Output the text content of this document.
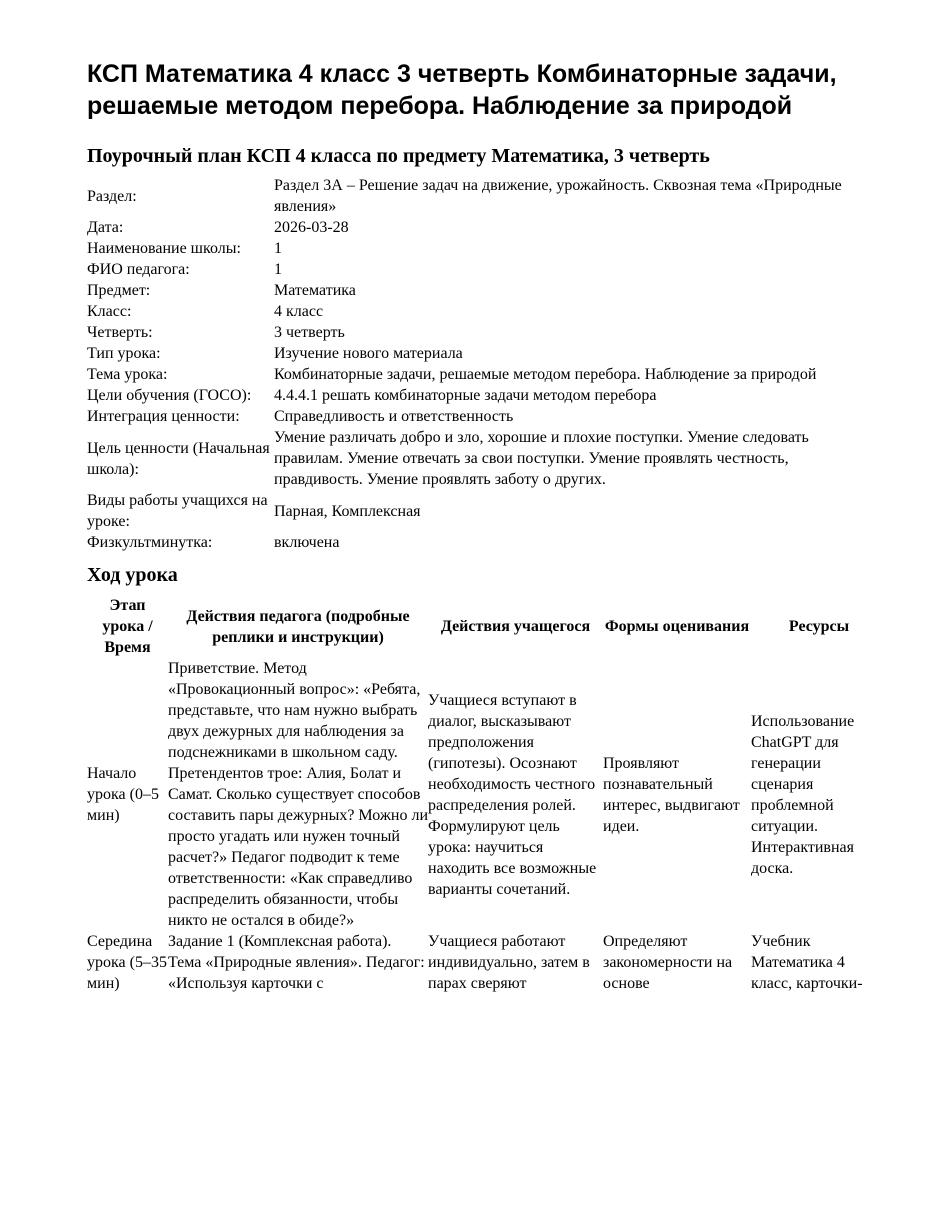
КСП Математика 4 класс 3 четверть Комбинаторные задачи, решаемые методом перебора. Наблюдение за природой
Поурочный план КСП 4 класса по предмету Математика, 3 четверть
Раздел:	Раздел 3А – Решение задач на движение, урожайность. Сквозная тема «Природные явления»
Дата:	2026-03-28
Наименование школы:	1
ФИО педагога:	1
Предмет:	Математика
Класс:	4 класс
Четверть:	3 четверть
Тип урока:	Изучение нового материала
Тема урока:	Комбинаторные задачи, решаемые методом перебора. Наблюдение за природой
Цели обучения (ГОСО):	4.4.4.1 решать комбинаторные задачи методом перебора
Интеграция ценности:	Справедливость и ответственность
Цель ценности (Начальная школа):	Умение различать добро и зло, хорошие и плохие поступки. Умение следовать правилам. Умение отвечать за свои поступки. Умение проявлять честность, правдивость. Умение проявлять заботу о других.
Виды работы учащихся на уроке:	Парная, Комплексная
Физкультминутка:	включена
Ход урока
Этап урока / Время	Действия педагога (подробные реплики и инструкции)	Действия учащегося	Формы оценивания	Ресурсы
Начало урока (0–5 мин)	Приветствие. Метод «Провокационный вопрос»: «Ребята, представьте, что нам нужно выбрать двух дежурных для наблюдения за подснежниками в школьном саду. Претендентов трое: Алия, Болат и Самат. Сколько существует способов составить пары дежурных? Можно ли просто угадать или нужен точный расчет?» Педагог подводит к теме ответственности: «Как справедливо распределить обязанности, чтобы никто не остался в обиде?»	Учащиеся вступают в диалог, высказывают предположения (гипотезы). Осознают необходимость честного распределения ролей. Формулируют цель урока: научиться находить все возможные варианты сочетаний.	Проявляют познавательный интерес, выдвигают идеи.	Использование ChatGPT для генерации сценария проблемной ситуации. Интерактивная доска.
Середина урока (5–35 мин)	Задание 1 (Комплексная работа). Тема «Природные явления». Педагог: «Используя карточки с	Учащиеся работают индивидуально, затем в парах сверяют	Определяют закономерности на основе	Учебник Математика 4 класс, карточки-
